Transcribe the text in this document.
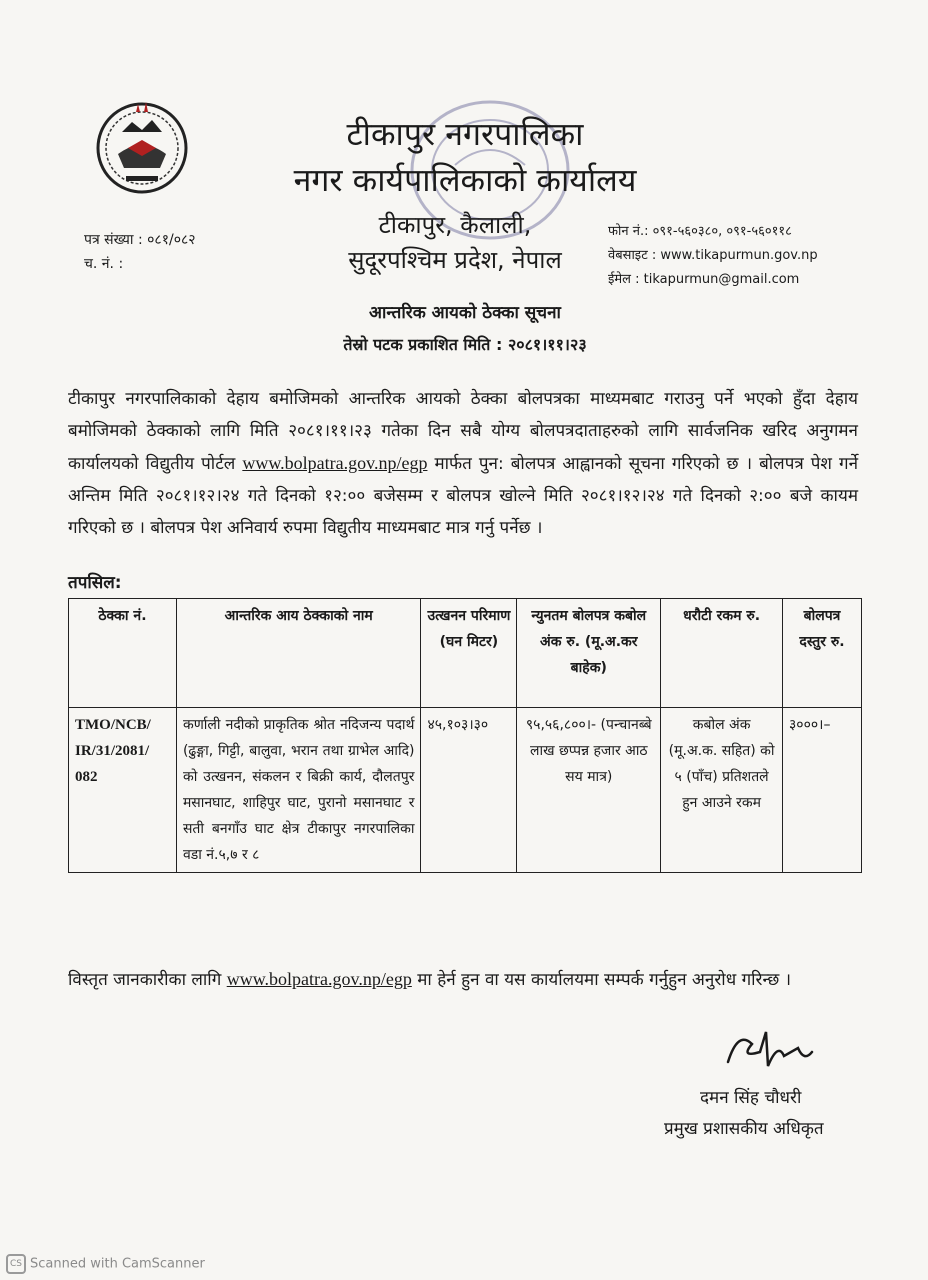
टीकापुर नगरपालिका
नगर कार्यपालिकाको कार्यालय
टीकापुर, कैलाली,
सुदूरपश्चिम प्रदेश, नेपाल
पत्र संख्या : ०८१/०८२
च. नं. :
फोन नं.: ०९१-५६०३८०, ०९१-५६०११८
वेबसाइट : www.tikapurmun.gov.np
ईमेल : tikapurmun@gmail.com
आन्तरिक आयको ठेक्का सूचना
तेस्रो पटक प्रकाशित मिति : २०८१।११।२३
टीकापुर नगरपालिकाको देहाय बमोजिमको आन्तरिक आयको ठेक्का बोलपत्रका माध्यमबाट गराउनु पर्ने भएको हुँदा देहाय बमोजिमको ठेक्काको लागि मिति २०८१।११।२३ गतेका दिन सबै योग्य बोलपत्रदाताहरुको लागि सार्वजनिक खरिद अनुगमन कार्यालयको विद्युतीय पोर्टल www.bolpatra.gov.np/egp मार्फत पुन: बोलपत्र आह्वानको सूचना गरिएको छ । बोलपत्र पेश गर्ने अन्तिम मिति २०८१।१२।२४ गते दिनको १२:०० बजेसम्म र बोलपत्र खोल्ने मिति २०८१।१२।२४ गते दिनको २:०० बजे कायम गरिएको छ । बोलपत्र पेश अनिवार्य रुपमा विद्युतीय माध्यमबाट मात्र गर्नु पर्नेछ ।
तपसिल:
ठेक्का नं.	आन्तरिक आय ठेक्काको नाम	उत्खनन परिमाण (घन मिटर)	न्युनतम बोलपत्र कबोल अंक रु. (मू.अ.कर बाहेक)	धरौटी रकम रु.	बोलपत्र दस्तुर रु.
TMO/NCB/ IR/31/2081/ 082	कर्णाली नदीको प्राकृतिक श्रोत नदिजन्य पदार्थ (ढुङ्गा, गिट्टी, बालुवा, भरान तथा ग्राभेल आदि) को उत्खनन, संकलन र बिक्री कार्य, दौलतपुर मसानघाट, शाहिपुर घाट, पुरानो मसानघाट र सती बनगाँउ घाट क्षेत्र टीकापुर नगरपालिका वडा नं.५,७ र ८	४५,१०३।३०	९५,५६,८००।- (पन्चानब्बे लाख छप्पन्न हजार आठ सय मात्र)	कबोल अंक (मू.अ.क. सहित) को ५ (पाँच) प्रतिशतले हुन आउने रकम	३०००।–
विस्तृत जानकारीका लागि www.bolpatra.gov.np/egp मा हेर्न हुन वा यस कार्यालयमा सम्पर्क गर्नुहुन अनुरोध गरिन्छ ।
दमन सिंह चौधरी
प्रमुख प्रशासकीय अधिकृत
CS Scanned with CamScanner
